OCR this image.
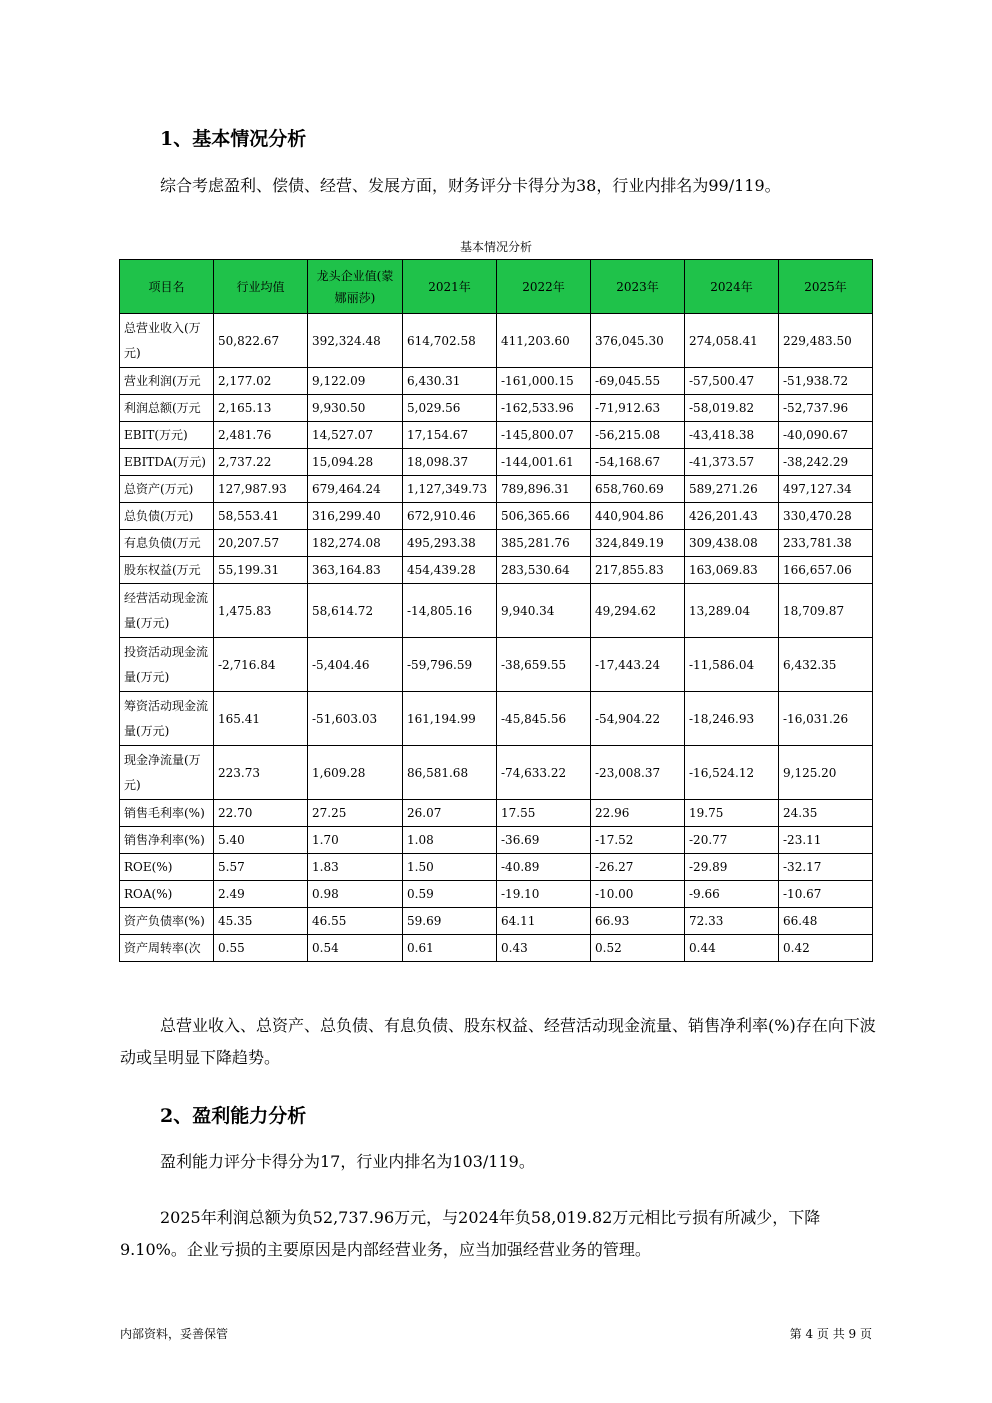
1、基本情况分析
综合考虑盈利、偿债、经营、发展方面，财务评分卡得分为38，行业内排名为99/119。
基本情况分析
项目名	行业均值	龙头企业值(蒙娜丽莎)	2021年	2022年	2023年	2024年	2025年
总营业收入(万元)	50,822.67	392,324.48	614,702.58	411,203.60	376,045.30	274,058.41	229,483.50
营业利润(万元	2,177.02	9,122.09	6,430.31	-161,000.15	-69,045.55	-57,500.47	-51,938.72
利润总额(万元	2,165.13	9,930.50	5,029.56	-162,533.96	-71,912.63	-58,019.82	-52,737.96
EBIT(万元)	2,481.76	14,527.07	17,154.67	-145,800.07	-56,215.08	-43,418.38	-40,090.67
EBITDA(万元)	2,737.22	15,094.28	18,098.37	-144,001.61	-54,168.67	-41,373.57	-38,242.29
总资产(万元)	127,987.93	679,464.24	1,127,349.73	789,896.31	658,760.69	589,271.26	497,127.34
总负债(万元)	58,553.41	316,299.40	672,910.46	506,365.66	440,904.86	426,201.43	330,470.28
有息负债(万元	20,207.57	182,274.08	495,293.38	385,281.76	324,849.19	309,438.08	233,781.38
股东权益(万元	55,199.31	363,164.83	454,439.28	283,530.64	217,855.83	163,069.83	166,657.06
经营活动现金流量(万元)	1,475.83	58,614.72	-14,805.16	9,940.34	49,294.62	13,289.04	18,709.87
投资活动现金流量(万元)	-2,716.84	-5,404.46	-59,796.59	-38,659.55	-17,443.24	-11,586.04	6,432.35
筹资活动现金流量(万元)	165.41	-51,603.03	161,194.99	-45,845.56	-54,904.22	-18,246.93	-16,031.26
现金净流量(万元)	223.73	1,609.28	86,581.68	-74,633.22	-23,008.37	-16,524.12	9,125.20
销售毛利率(%)	22.70	27.25	26.07	17.55	22.96	19.75	24.35
销售净利率(%)	5.40	1.70	1.08	-36.69	-17.52	-20.77	-23.11
ROE(%)	5.57	1.83	1.50	-40.89	-26.27	-29.89	-32.17
ROA(%)	2.49	0.98	0.59	-19.10	-10.00	-9.66	-10.67
资产负债率(%)	45.35	46.55	59.69	64.11	66.93	72.33	66.48
资产周转率(次	0.55	0.54	0.61	0.43	0.52	0.44	0.42
总营业收入、总资产、总负债、有息负债、股东权益、经营活动现金流量、销售净利率(%)存在向下波动或呈明显下降趋势。
2、盈利能力分析
盈利能力评分卡得分为17，行业内排名为103/119。
2025年利润总额为负52,737.96万元，与2024年负58,019.82万元相比亏损有所减少，下降9.10%。企业亏损的主要原因是内部经营业务，应当加强经营业务的管理。
内部资料，妥善保管	第 4 页 共 9 页
